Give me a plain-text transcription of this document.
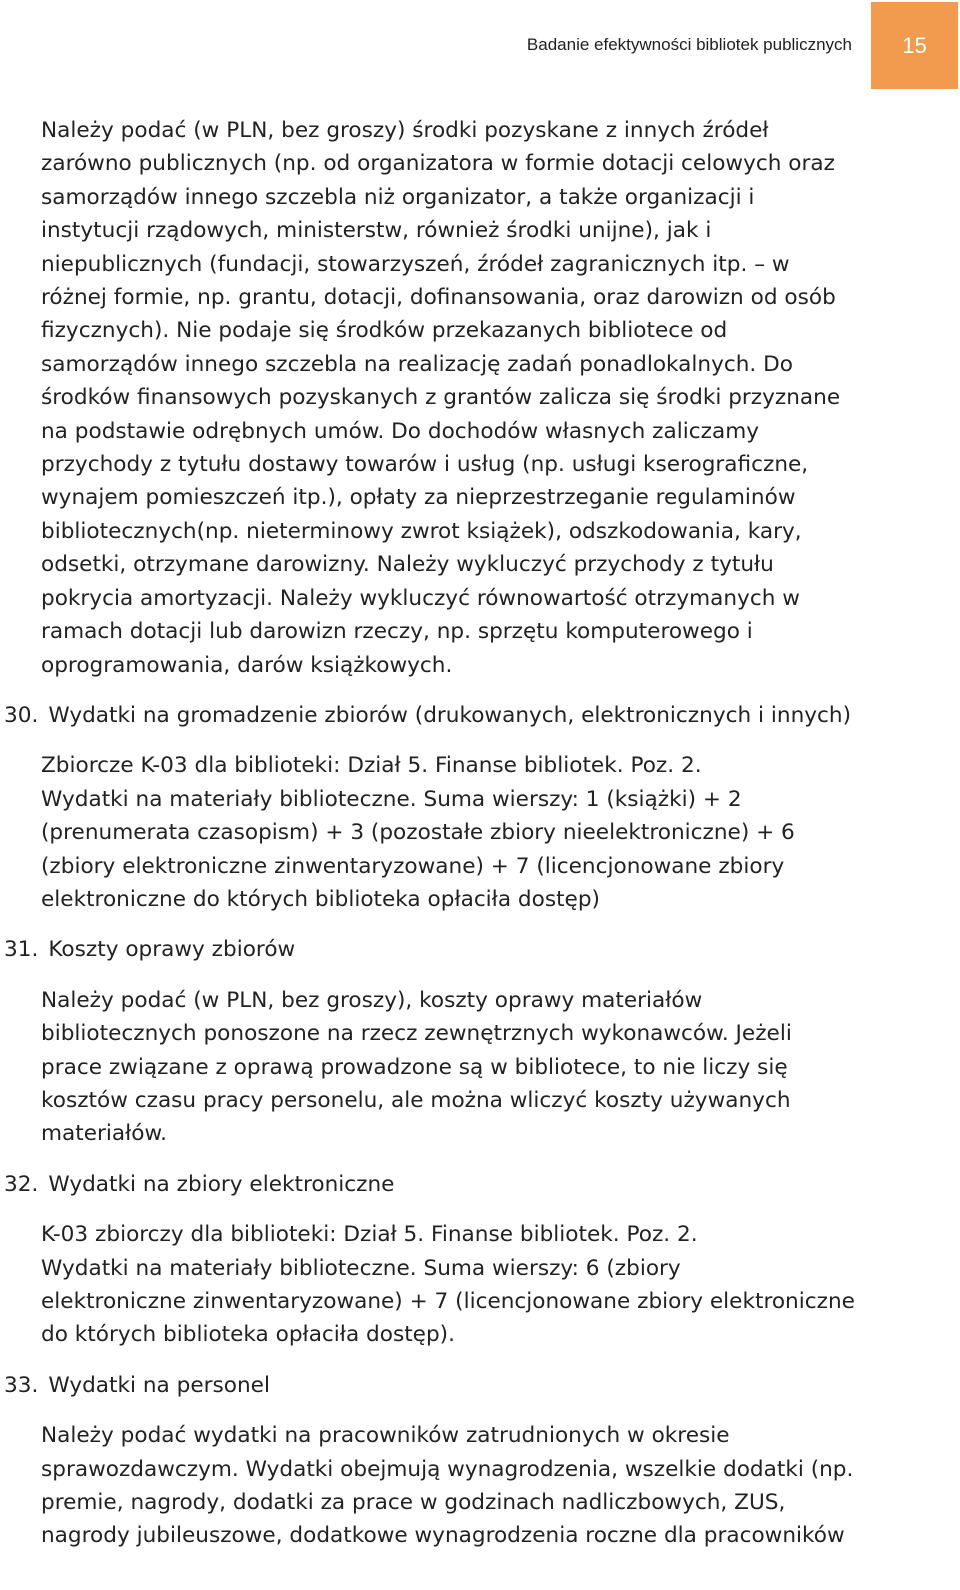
Badanie efektywności bibliotek publicznych	15

Należy podać (w PLN, bez groszy) środki pozyskane z innych źródeł
zarówno publicznych (np. od organizatora w formie dotacji celowych oraz
samorządów innego szczebla niż organizator, a także organizacji i
instytucji rządowych, ministerstw, również środki unijne), jak i
niepublicznych (fundacji, stowarzyszeń, źródeł zagranicznych itp. – w
różnej formie, np. grantu, dotacji, dofinansowania, oraz darowizn od osób
fizycznych). Nie podaje się środków przekazanych bibliotece od
samorządów innego szczebla na realizację zadań ponadlokalnych. Do
środków finansowych pozyskanych z grantów zalicza się środki przyznane
na podstawie odrębnych umów. Do dochodów własnych zaliczamy
przychody z tytułu dostawy towarów i usług (np. usługi kserograficzne,
wynajem pomieszczeń itp.), opłaty za nieprzestrzeganie regulaminów
bibliotecznych(np. nieterminowy zwrot książek), odszkodowania, kary,
odsetki, otrzymane darowizny. Należy wykluczyć przychody z tytułu
pokrycia amortyzacji. Należy wykluczyć równowartość otrzymanych w
ramach dotacji lub darowizn rzeczy, np. sprzętu komputerowego i
oprogramowania, darów książkowych.

30. Wydatki na gromadzenie zbiorów (drukowanych, elektronicznych i innych)

Zbiorcze K-03 dla biblioteki: Dział 5. Finanse bibliotek. Poz. 2.
Wydatki na materiały biblioteczne. Suma wierszy: 1 (książki) + 2
(prenumerata czasopism) + 3 (pozostałe zbiory nieelektroniczne) + 6
(zbiory elektroniczne zinwentaryzowane) + 7 (licencjonowane zbiory
elektroniczne do których biblioteka opłaciła dostęp)

31. Koszty oprawy zbiorów

Należy podać (w PLN, bez groszy), koszty oprawy materiałów
bibliotecznych ponoszone na rzecz zewnętrznych wykonawców. Jeżeli
prace związane z oprawą prowadzone są w bibliotece, to nie liczy się
kosztów czasu pracy personelu, ale można wliczyć koszty używanych
materiałów.

32. Wydatki na zbiory elektroniczne

K-03 zbiorczy dla biblioteki: Dział 5. Finanse bibliotek. Poz. 2.
Wydatki na materiały biblioteczne. Suma wierszy: 6 (zbiory
elektroniczne zinwentaryzowane) + 7 (licencjonowane zbiory elektroniczne
do których biblioteka opłaciła dostęp).

33. Wydatki na personel

Należy podać wydatki na pracowników zatrudnionych w okresie
sprawozdawczym. Wydatki obejmują wynagrodzenia, wszelkie dodatki (np.
premie, nagrody, dodatki za prace w godzinach nadliczbowych, ZUS,
nagrody jubileuszowe, dodatkowe wynagrodzenia roczne dla pracowników
